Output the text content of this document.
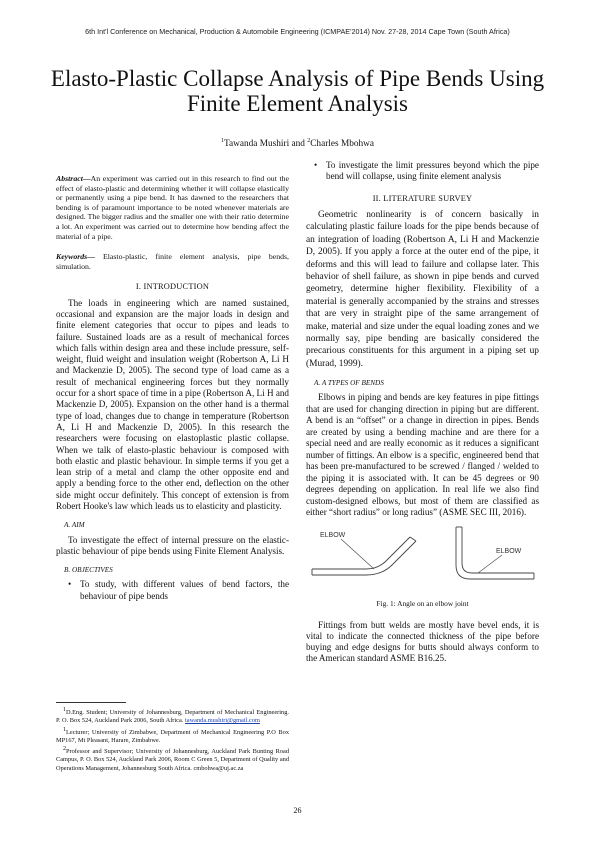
6th Int'l Conference on Mechanical, Production & Automobile Engineering (ICMPAE'2014) Nov. 27-28, 2014 Cape Town (South Africa)
Elasto-Plastic Collapse Analysis of Pipe Bends Using Finite Element Analysis
$^1$Tawanda Mushiri and $^2$Charles Mbohwa
Abstract—An experiment was carried out in this research to find out the effect of elasto-plastic and determining whether it will collapse elastically or permanently using a pipe bend. It has dawned to the researchers that bending is of paramount importance to be noted whenever materials are designed. The bigger radius and the smaller one with their ratio determine a lot. An experiment was carried out to determine how bending affect the material of a pipe.
Keywords— Elasto-plastic, finite element analysis, pipe bends, simulation.
I. INTRODUCTION

The loads in engineering which are named sustained, occasional and expansion are the major loads in design and finite element categories that occur to pipes and leads to failure. Sustained loads are as a result of mechanical forces which falls within design area and these include pressure, self-weight, fluid weight and insulation weight (Robertson A, Li H and Mackenzie D, 2005). The second type of load came as a result of mechanical engineering forces but they normally occur for a short space of time in a pipe (Robertson A, Li H and Mackenzie D, 2005). Expansion on the other hand is a thermal type of load, changes due to change in temperature (Robertson A, Li H and Mackenzie D, 2005). In this research the researchers were focusing on elastoplastic plastic collapse. When we talk of elasto-plastic behaviour is composed with both elastic and plastic behaviour. In simple terms if you get a lean strip of a metal and clamp the other opposite end and apply a bending force to the other end, deflection on the other side might occur definitely. This concept of extension is from Robert Hooke's law which leads us to elasticity and plasticity.

A. AIM

To investigate the effect of internal pressure on the elastic-plastic behaviour of pipe bends using Finite Element Analysis.

B. OBJECTIVES
• To study, with different values of bend factors, the behaviour of pipe bends

$^1$D.Eng. Student; University of Johannesburg, Department of Mechanical Engineering. P. O. Box 524, Auckland Park 2006, South Africa. tawanda.mushiri@gmail.com

$^1$Lecturer; University of Zimbabwe, Department of Mechanical Engineering P.O Box MP167, Mt Pleasant, Harare, Zimbabwe.

$^2$Professor and Supervisor; University of Johannesburg, Auckland Park Bunting Road Campus, P. O. Box 524, Auckland Park 2006, Room C Green 5, Department of Quality and Operations Management, Johannesburg South Africa. cmbohwa@uj.ac.za

• To investigate the limit pressures beyond which the pipe bend will collapse, using finite element analysis
II. LITERATURE SURVEY

Geometric nonlinearity is of concern basically in calculating plastic failure loads for the pipe bends because of an integration of loading (Robertson A, Li H and Mackenzie D, 2005). If you apply a force at the outer end of the pipe, it deforms and this will lead to failure and collapse later. This behavior of shell failure, as shown in pipe bends and curved geometry, determine higher flexibility. Flexibility of a material is generally accompanied by the strains and stresses that are very in straight pipe of the same arrangement of make, material and size under the equal loading zones and we normally say, pipe bending are basically considered the precarious constituents for this argument in a piping set up (Murad, 1999).

A. A TYPES OF BENDS

Elbows in piping and bends are key features in pipe fittings that are used for changing direction in piping but are different. A bend is an “offset” or a change in direction in pipes. Bends are created by using a bending machine and are there for a special need and are really economic as it reduces a significant number of fittings. An elbow is a specific, engineered bend that has been pre-manufactured to be screwed / flanged / welded to the piping it is associated with. It can be 45 degrees or 90 degrees depending on application. In real life we also find custom-designed elbows, but most of them are classified as either “short radius” or long radius” (ASME SEC III, 2016).

ELBOW
ELBOW
Fig. 1: Angle on an elbow joint

Fittings from butt welds are mostly have bevel ends, it is vital to indicate the connected thickness of the pipe before buying and edge designs for butts should always conform to the American standard ASME B16.25.

26
